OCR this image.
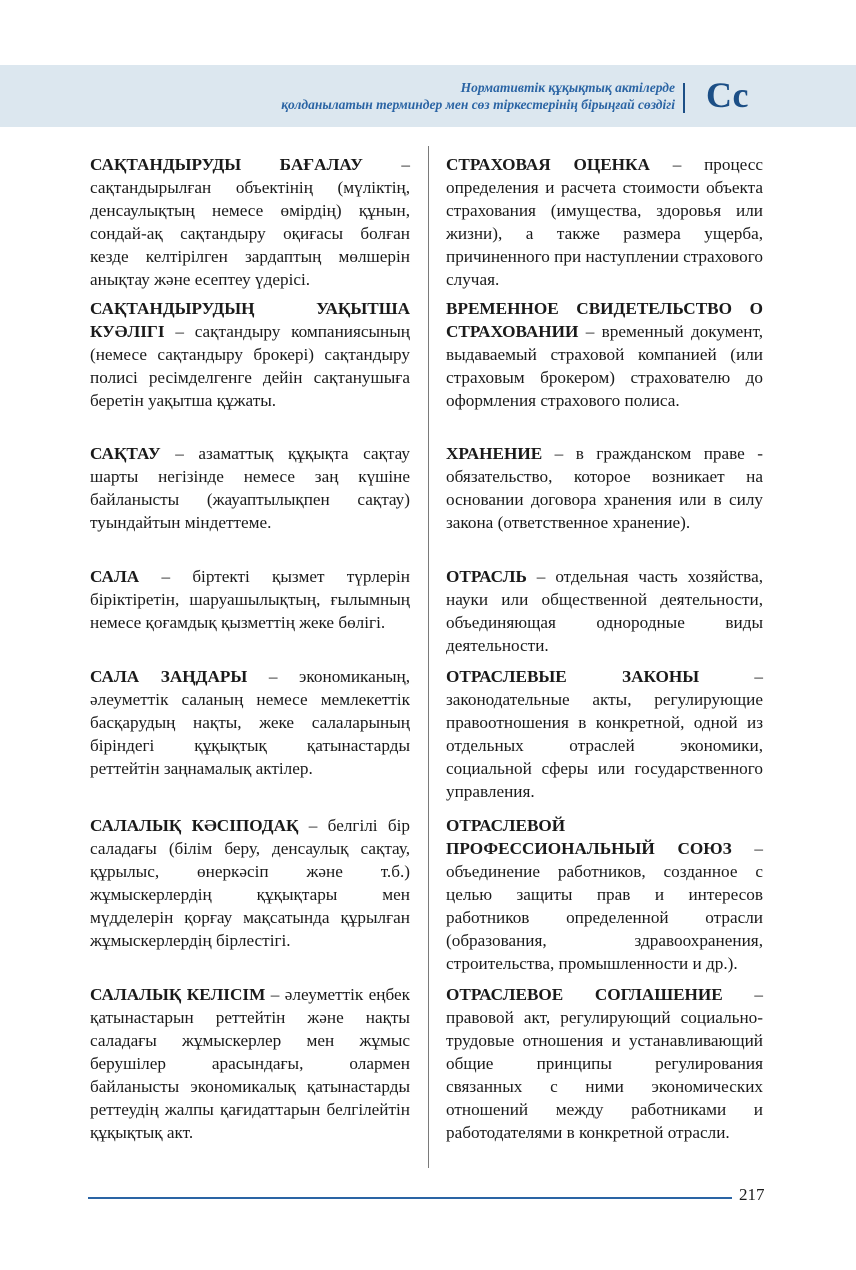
Нормативтік құқықтық актілерде
қолданылатын терминдер мен сөз тіркестерінің бірыңғай сөздігі Сс

САҚТАНДЫРУДЫ БАҒАЛАУ – сақтандырылған объектінің (мүліктің, денсаулықтың немесе өмірдің) құнын, сондай-ақ сақтандыру оқиғасы болған кезде келтірілген зардаптың мөлшерін анықтау және есептеу үдерісі.

СТРАХОВАЯ ОЦЕНКА – процесс определения и расчета стоимости объекта страхования (имущества, здоровья или жизни), а также размера ущерба, причиненного при наступлении страхового случая.

САҚТАНДЫРУДЫҢ УАҚЫТША КУӘЛІГІ – сақтандыру компаниясының (немесе сақтандыру брокері) сақтандыру полисі ресімделгенге дейін сақтанушыға беретін уақытша құжаты.

ВРЕМЕННОЕ СВИДЕТЕЛЬСТВО О СТРАХОВАНИИ – временный документ, выдаваемый страховой компанией (или страховым брокером) страхователю до оформления страхового полиса.

САҚТАУ – азаматтық құқықта сақтау шарты негізінде немесе заң күшіне байланысты (жауаптылықпен сақтау) туындайтын міндеттеме.

ХРАНЕНИЕ – в гражданском праве - обязательство, которое возникает на основании договора хранения или в силу закона (ответственное хранение).

САЛА – біртекті қызмет түрлерін біріктіретін, шаруашылықтың, ғылымның немесе қоғамдық қызметтің жеке бөлігі.

ОТРАСЛЬ – отдельная часть хозяйства, науки или общественной деятельности, объединяющая однородные виды деятельности.

САЛА ЗАҢДАРЫ – экономиканың, әлеуметтік саланың немесе мемлекеттік басқарудың нақты, жеке салаларының біріндегі құқықтық қатынастарды реттейтін заңнамалық актілер.

ОТРАСЛЕВЫЕ ЗАКОНЫ – законодательные акты, регулирующие правоотношения в конкретной, одной из отдельных отраслей экономики, социальной сферы или государственного управления.

САЛАЛЫҚ КӘСІПОДАҚ – белгілі бір саладағы (білім беру, денсаулық сақтау, құрылыс, өнеркәсіп және т.б.) жұмыскерлердің құқықтары мен мүдделерін қорғау мақсатында құрылған жұмыскерлердің бірлестігі.

ОТРАСЛЕВОЙ ПРОФЕССИОНАЛЬНЫЙ СОЮЗ – объединение работников, созданное с целью защиты прав и интересов работников определенной отрасли (образования, здравоохранения, строительства, промышленности и др.).

САЛАЛЫҚ КЕЛІСІМ – әлеуметтік еңбек қатынастарын реттейтін және нақты саладағы жұмыскерлер мен жұмыс берушілер арасындағы, олармен байланысты экономикалық қатынастарды реттеудің жалпы қағидаттарын белгілейтін құқықтық акт.

ОТРАСЛЕВОЕ СОГЛАШЕНИЕ – правовой акт, регулирующий социально-трудовые отношения и устанавливающий общие принципы регулирования связанных с ними экономических отношений между работниками и работодателями в конкретной отрасли.

217
